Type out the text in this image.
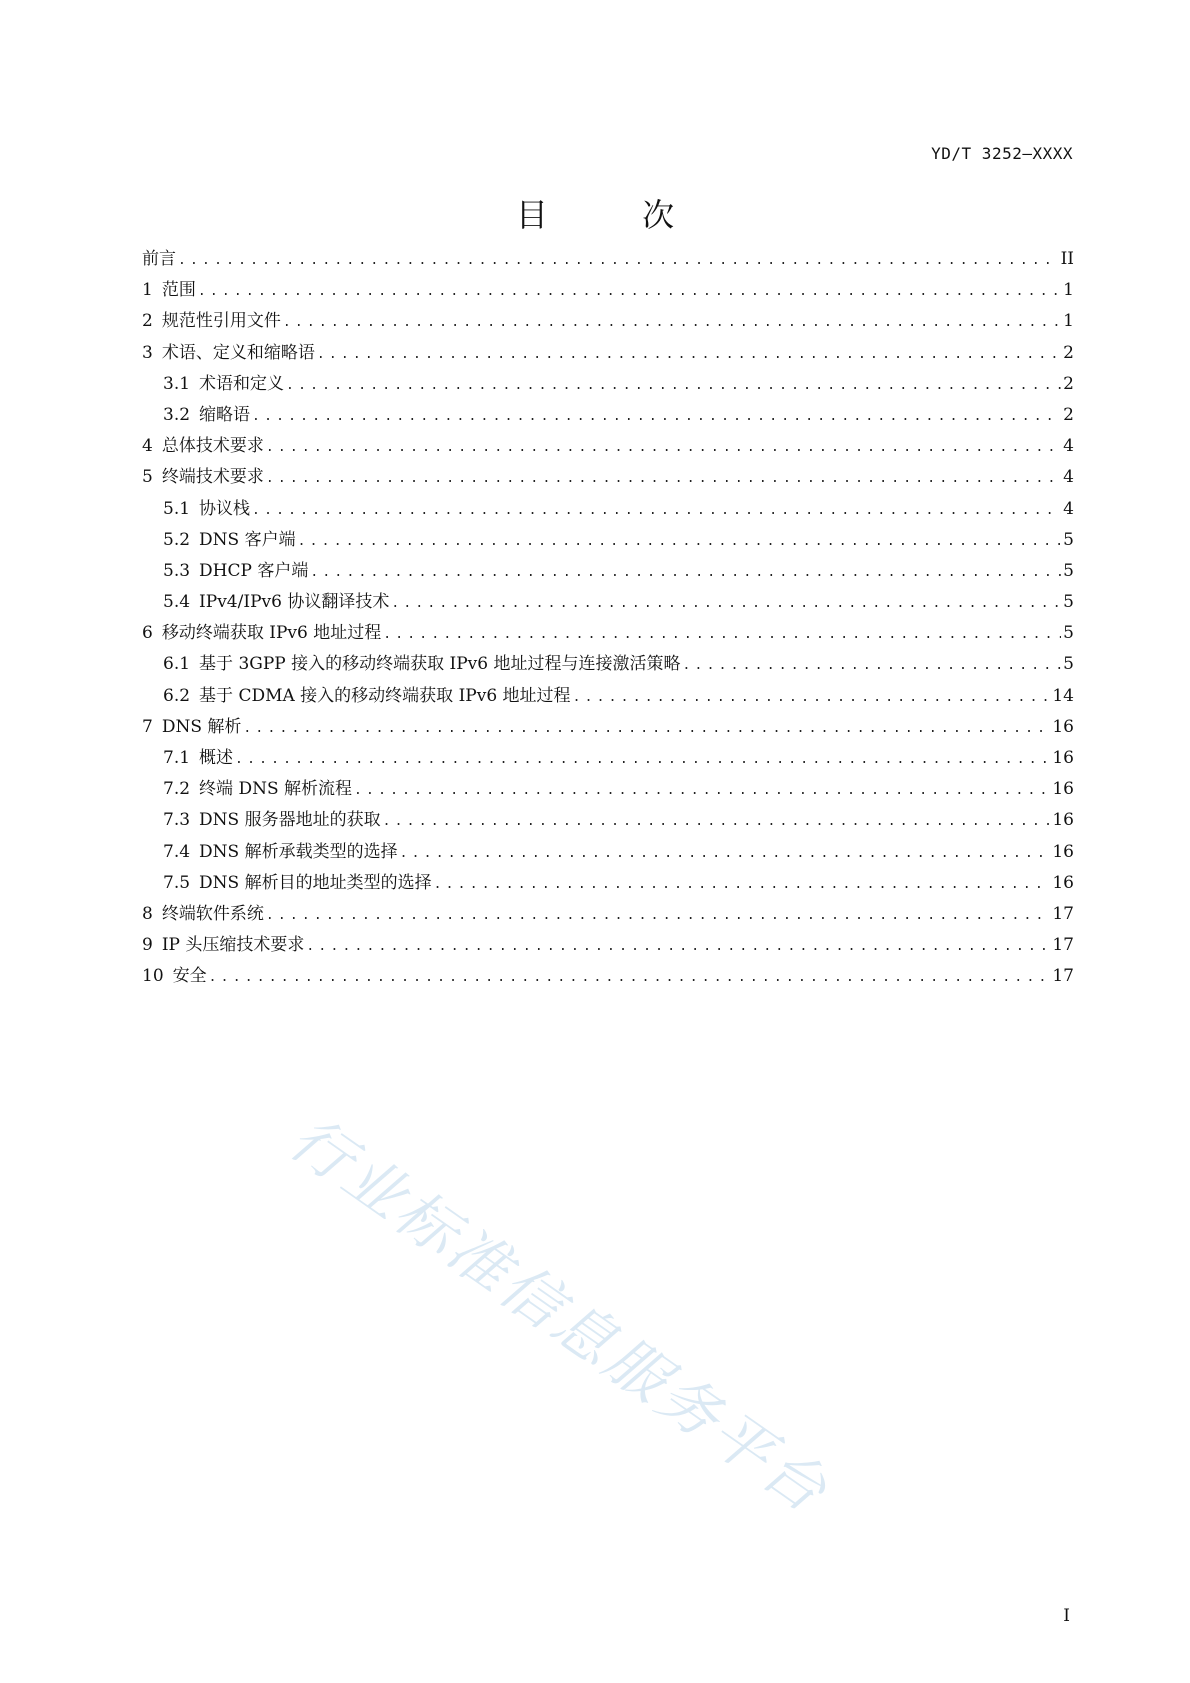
YD/T 3252—XXXX
目 次
前言 .....	II
1 范围 .....	1
2 规范性引用文件 .....	1
3 术语、定义和缩略语 .....	2
3.1 术语和定义 .....	2
3.2 缩略语 .....	2
4 总体技术要求 .....	4
5 终端技术要求 .....	4
5.1 协议栈 .....	4
5.2 DNS 客户端 .....	5
5.3 DHCP 客户端 .....	5
5.4 IPv4/IPv6 协议翻译技术 .....	5
6 移动终端获取 IPv6 地址过程 .....	5
6.1 基于 3GPP 接入的移动终端获取 IPv6 地址过程与连接激活策略 .....	5
6.2 基于 CDMA 接入的移动终端获取 IPv6 地址过程 .....	14
7 DNS 解析 .....	16
7.1 概述 .....	16
7.2 终端 DNS 解析流程 .....	16
7.3 DNS 服务器地址的获取 .....	16
7.4 DNS 解析承载类型的选择 .....	16
7.5 DNS 解析目的地址类型的选择 .....	16
8 终端软件系统 .....	17
9 IP 头压缩技术要求 .....	17
10 安全 .....	17
行业标准信息服务平台
I
